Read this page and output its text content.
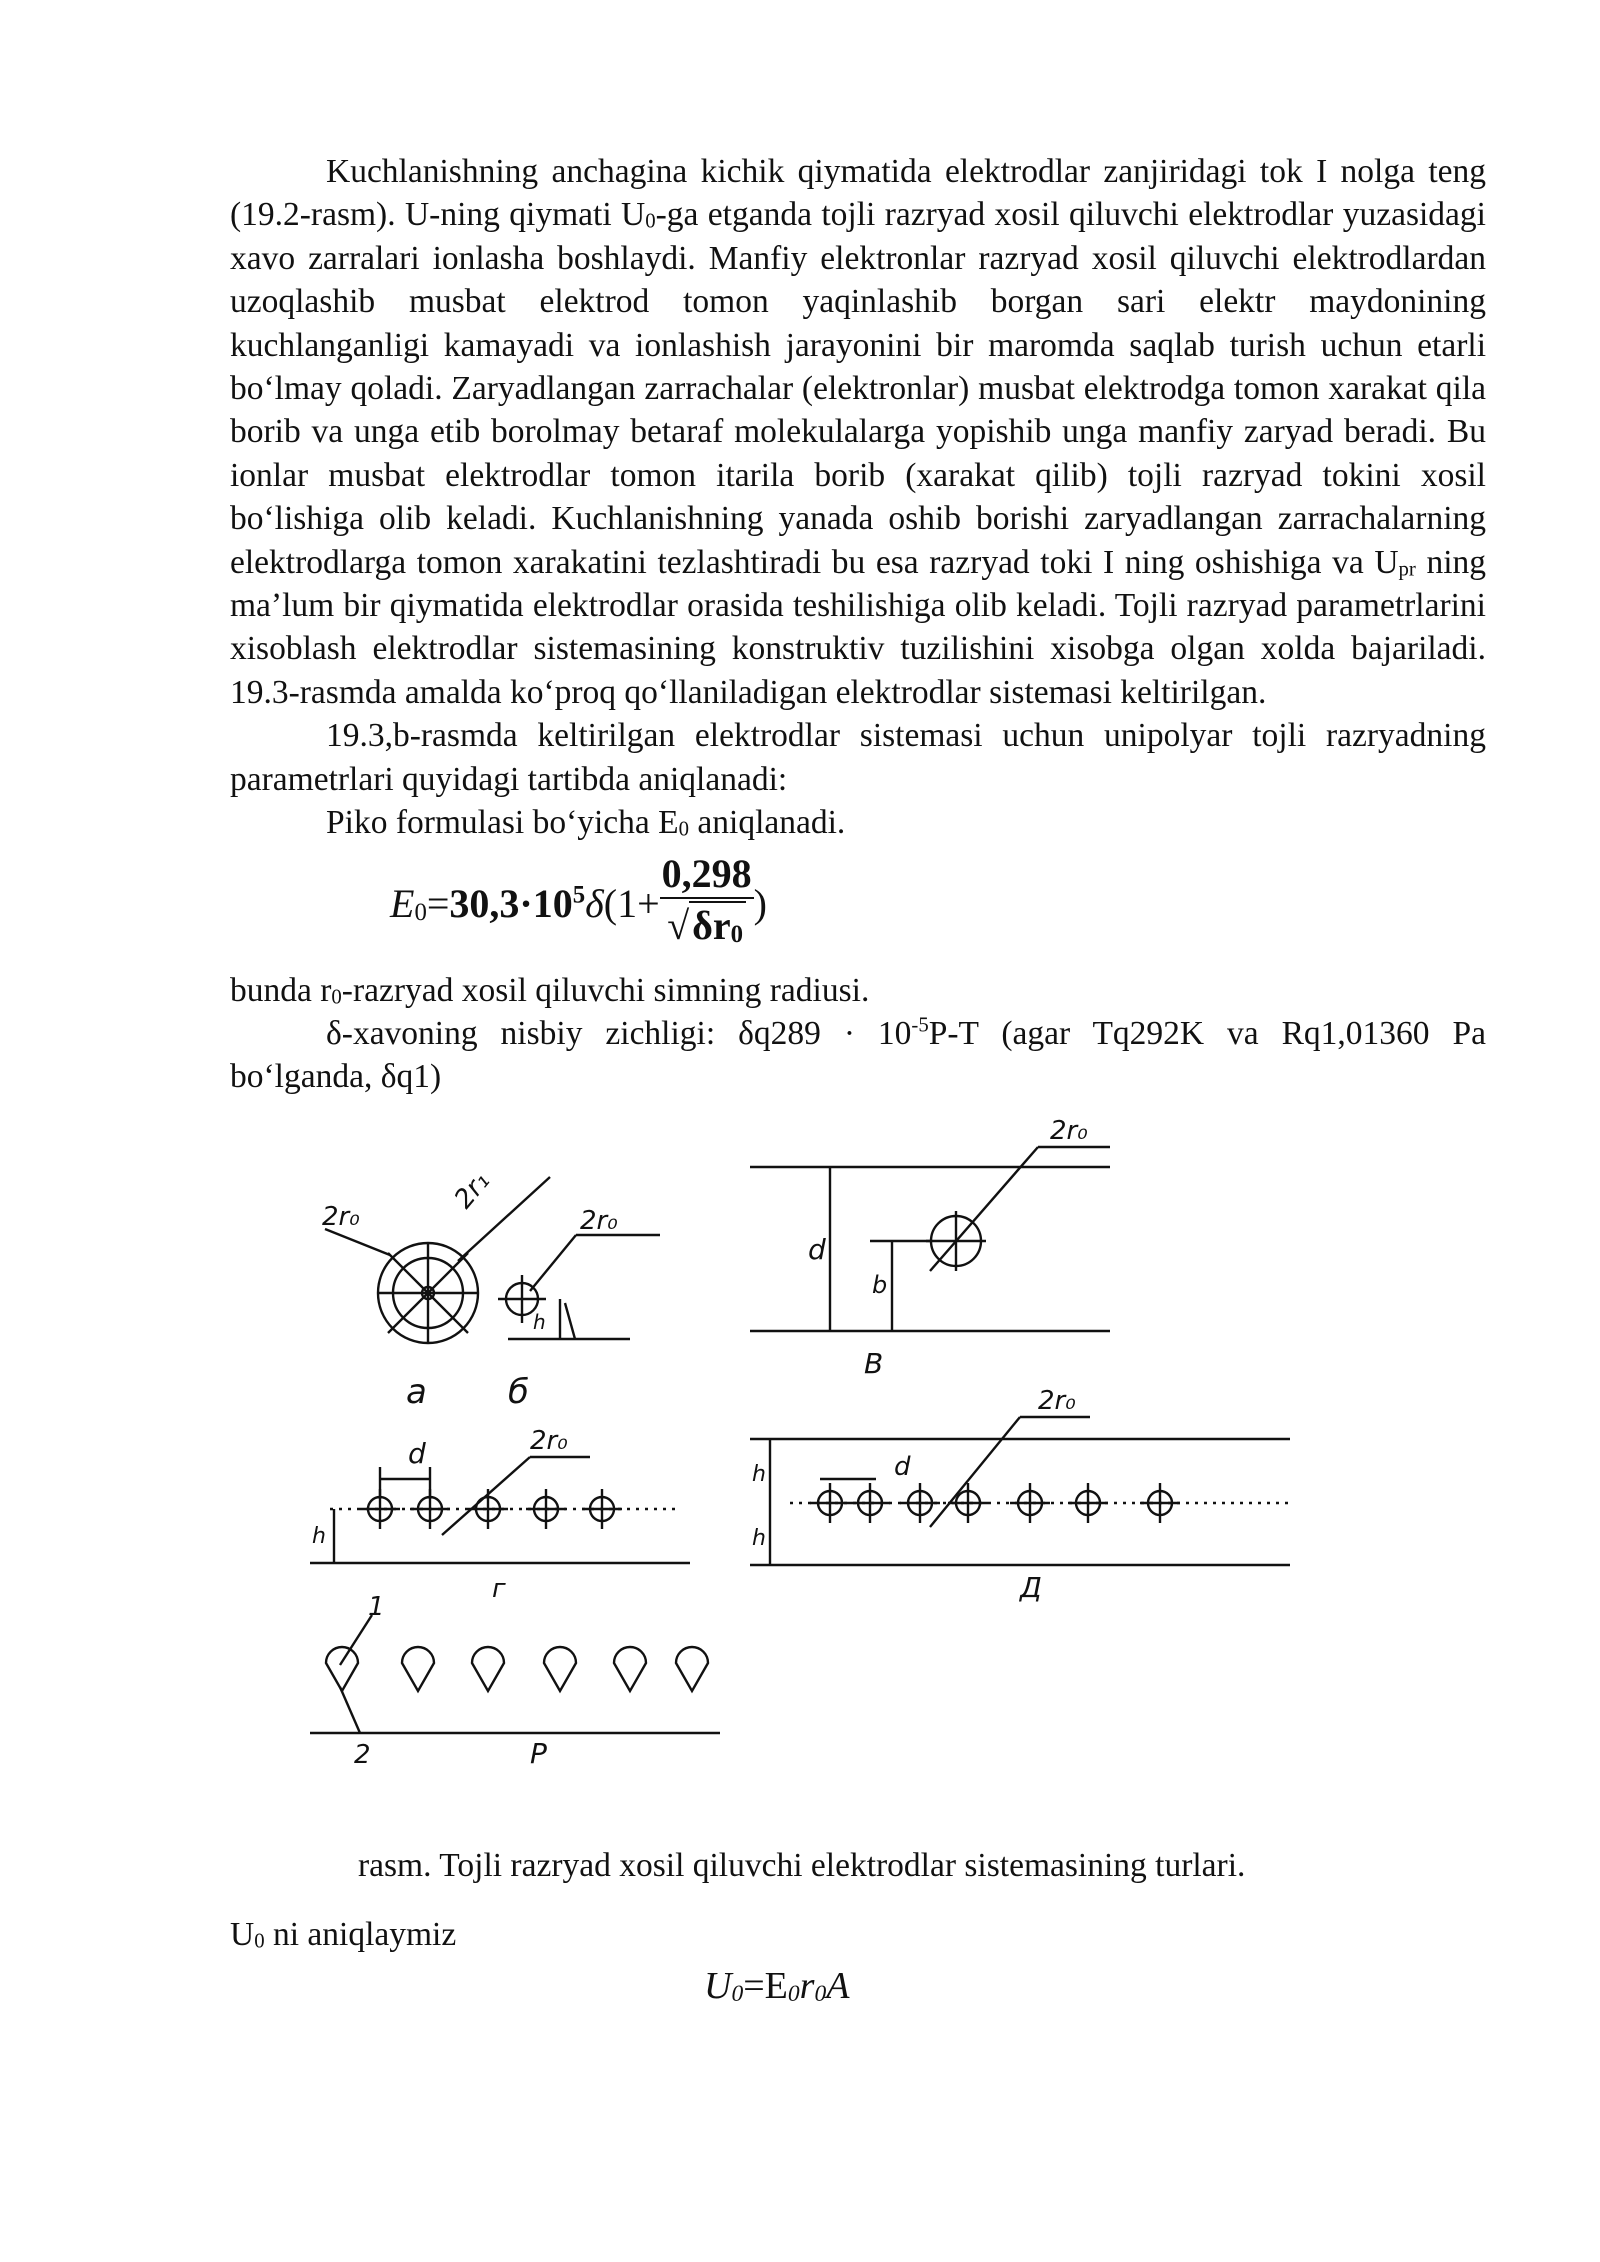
Kuchlanishning anchagina kichik qiymatida elektrodlar zanjiridagi tok I nolga teng (19.2-rasm). U-ning qiymati $U_0-ga$ etganda tojli razryad xosil qiluvchi elektrodlar yuzasidagi xavo zarralari ionlasha boshlaydi. Manfiy elektronlar razryad xosil qiluvchi elektrodlardan uzoqlashib musbat elektrod tomon yaqinlashib borgan sari elektr maydonining kuchlanganligi kamayadi va ionlashish jarayonini bir maromda saqlab turish uchun etarli boʻlmay qoladi. Zaryadlangan zarrachalar (elektronlar) musbat elektrodga tomon xarakat qila borib va unga etib borolmay betaraf molekulalarga yopishib unga manfiy zaryad beradi. Bu ionlar musbat elektrodlar tomon itarila borib (xarakat qilib) tojli razryad tokini xosil boʻlishiga olib keladi. Kuchlanishning yanada oshib borishi zaryadlangan zarrachalarning elektrodlarga tomon xarakatini tezlashtiradi bu esa razryad toki I ning oshishiga va $U_{pr}$ ning maʼlum bir qiymatida elektrodlar orasida teshilishiga olib keladi. Tojli razryad parametrlarini xisoblash elektrodlar sistemasining konstruktiv tuzilishini xisobga olgan xolda bajariladi. 19.3-rasmda amalda koʻproq qoʻllaniladigan elektrodlar sistemasi keltirilgan.

19.3,b-rasmda keltirilgan elektrodlar sistemasi uchun unipolyar tojli razryadning parametrlari quyidagi tartibda aniqlanadi:

Piko formulasi boʻyicha $E_0$ aniqlanadi.

$E_0=30,3\cdot 10^5\delta(1+ \frac{0,298}{√\delta r_0}$ )

bunda $r_0$-razryad xosil qiluvchi simning radiusi.

δ-xavoning nisbiy zichligi: $\delta q289 \cdot 10^{-5}P-T$ (agar Tq292K va Rq1,01360 Pa boʻlganda, δq1)

2r₀
2r₁
a
2r₀
h
б
2r₀
d
b
В
2r₀
d
h
г
2r₀
d
h
h
Д
1
2	P
rasm. Tojli razryad xosil qiluvchi elektrodlar sistemasining turlari.

$U_0$ ni aniqlaymiz

$U_0=E_0r_0A$
